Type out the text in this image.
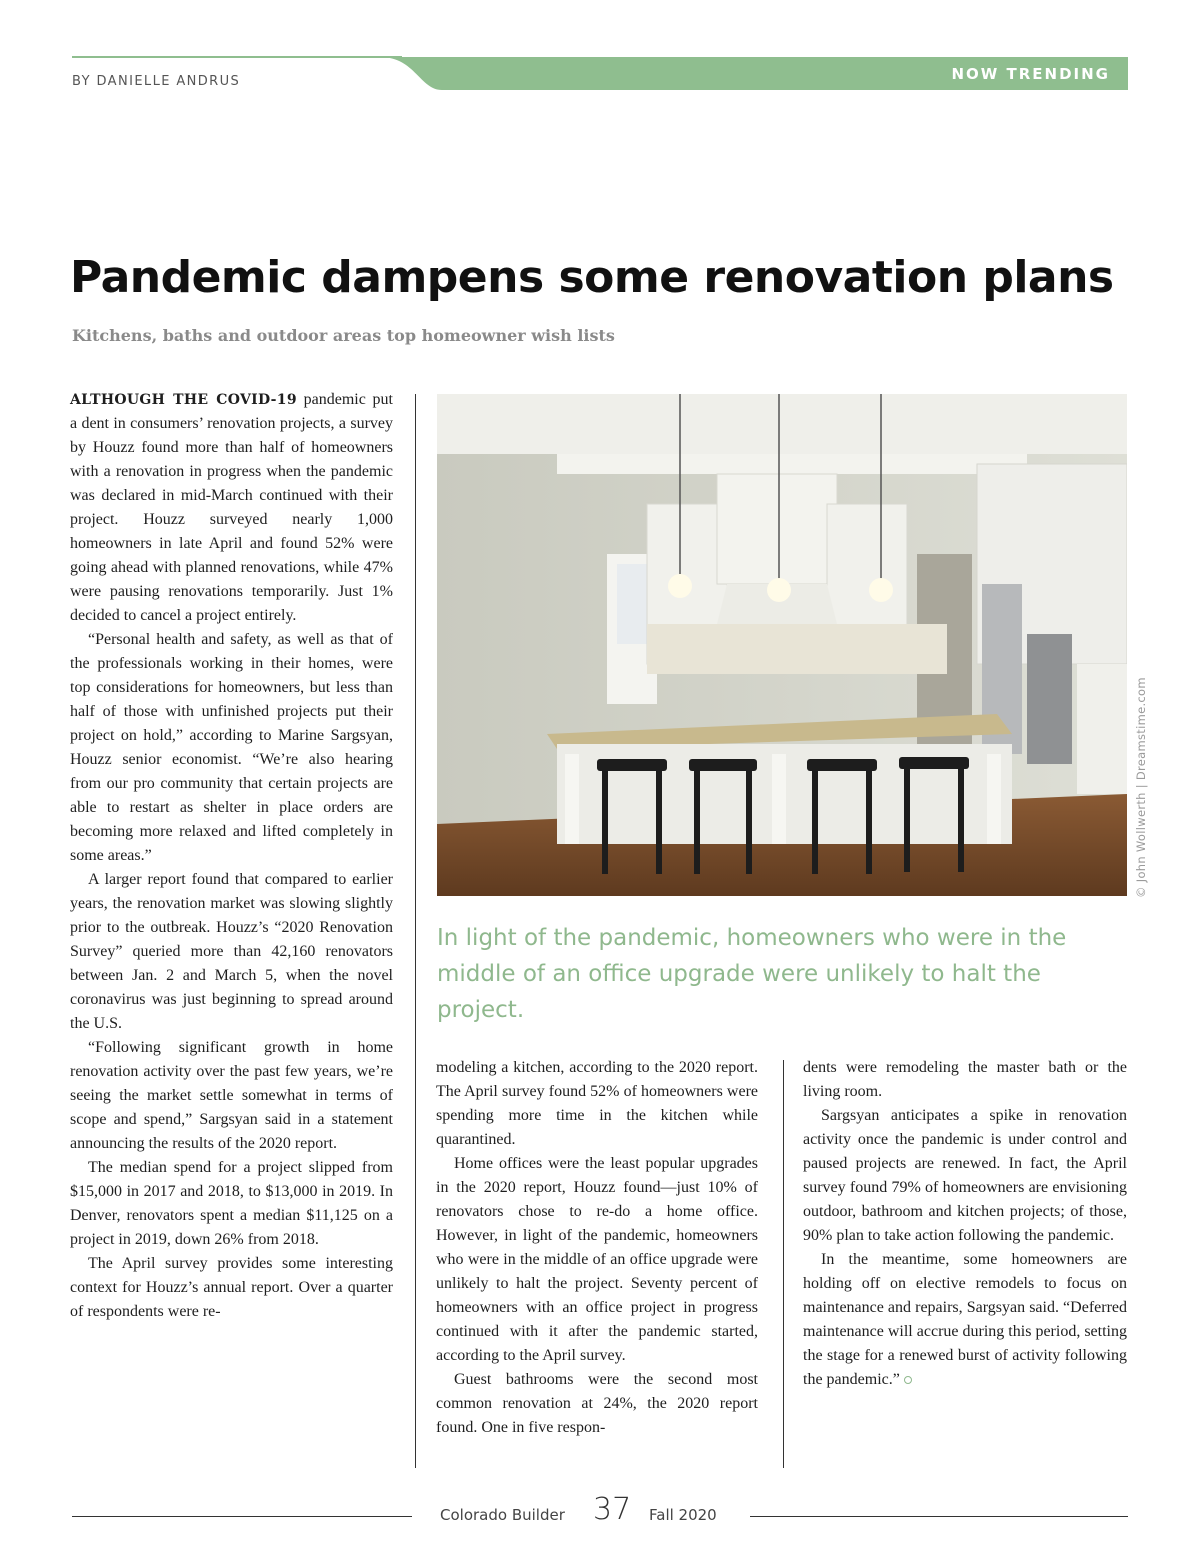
BY DANIELLE ANDRUS	NOW TRENDING
Pandemic dampens some renovation plans
Kitchens, baths and outdoor areas top homeowner wish lists

ALTHOUGH THE COVID-19 pandemic put a dent in consumers’ renovation projects, a survey by Houzz found more than half of homeowners with a renovation in progress when the pandemic was declared in mid-March continued with their project. Houzz surveyed nearly 1,000 homeowners in late April and found 52% were going ahead with planned renovations, while 47% were pausing renovations temporarily. Just 1% decided to cancel a project entirely.

“Personal health and safety, as well as that of the professionals working in their homes, were top considerations for homeowners, but less than half of those with unfinished projects put their project on hold,” according to Marine Sargsyan, Houzz senior economist. “We’re also hearing from our pro community that certain projects are able to restart as shelter in place orders are becoming more relaxed and lifted completely in some areas.”

A larger report found that compared to earlier years, the renovation market was slowing slightly prior to the outbreak. Houzz’s “2020 Renovation Survey” queried more than 42,160 renovators between Jan. 2 and March 5, when the novel coronavirus was just beginning to spread around the U.S.

“Following significant growth in home renovation activity over the past few years, we’re seeing the market settle somewhat in terms of scope and spend,” Sargsyan said in a statement announcing the results of the 2020 report.

The median spend for a project slipped from $15,000 in 2017 and 2018, to $13,000 in 2019. In Denver, renovators spent a median $11,125 on a project in 2019, down 26% from 2018.

The April survey provides some interesting context for Houzz’s annual report. Over a quarter of respondents were re-

© John Wollwerth | Dreamstime.com

In light of the pandemic, homeowners who were in the middle of an office upgrade were unlikely to halt the project.

modeling a kitchen, according to the 2020 report. The April survey found 52% of homeowners were spending more time in the kitchen while quarantined.

Home offices were the least popular upgrades in the 2020 report, Houzz found—just 10% of renovators chose to re-do a home office. However, in light of the pandemic, homeowners who were in the middle of an office upgrade were unlikely to halt the project. Seventy percent of homeowners with an office project in progress continued with it after the pandemic started, according to the April survey.

Guest bathrooms were the second most common renovation at 24%, the 2020 report found. One in five respon-

dents were remodeling the master bath or the living room.

Sargsyan anticipates a spike in renovation activity once the pandemic is under control and paused projects are renewed. In fact, the April survey found 79% of homeowners are envisioning outdoor, bathroom and kitchen projects; of those, 90% plan to take action following the pandemic.

In the meantime, some homeowners are holding off on elective remodels to focus on maintenance and repairs, Sargsyan said. “Deferred maintenance will accrue during this period, setting the stage for a renewed burst of activity following the pandemic.”

Colorado Builder 37 Fall 2020
